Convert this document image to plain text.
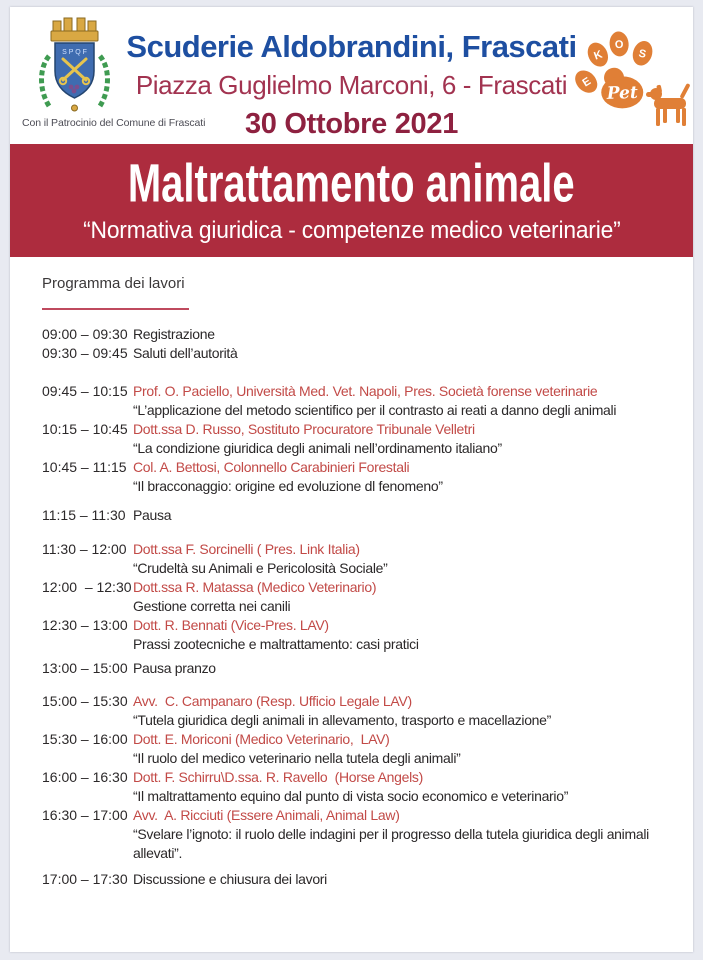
S P Q F
Con il Patrocinio del Comune di Frascati
Scuderie Aldobrandini, Frascati
Piazza Guglielmo Marconi, 6 - Frascati
30 Ottobre 2021
E
K
O
S
Pet
Maltrattamento animale
“Normativa giuridica - competenze medico veterinarie”
Programma dei lavori
09:00 – 09:30 Registrazione
09:30 – 09:45 Saluti dell’autorità
09:45 – 10:15 Prof. O. Paciello, Università Med. Vet. Napoli, Pres. Società forense veterinarie
“L’applicazione del metodo scientifico per il contrasto ai reati a danno degli animali
10:15 – 10:45 Dott.ssa D. Russo, Sostituto Procuratore Tribunale Velletri
“La condizione giuridica degli animali nell’ordinamento italiano”
10:45 – 11:15 Col. A. Bettosi, Colonnello Carabinieri Forestali
“Il bracconaggio: origine ed evoluzione dl fenomeno”
11:15 – 11:30 Pausa
11:30 – 12:00 Dott.ssa F. Sorcinelli ( Pres. Link Italia)
“Crudeltà su Animali e Pericolosità Sociale”
12:00  – 12:30 Dott.ssa R. Matassa (Medico Veterinario)
Gestione corretta nei canili
12:30 – 13:00 Dott. R. Bennati (Vice-Pres. LAV)
Prassi zootecniche e maltrattamento: casi pratici
13:00 – 15:00 Pausa pranzo
15:00 – 15:30 Avv.  C. Campanaro (Resp. Ufficio Legale LAV)
“Tutela giuridica degli animali in allevamento, trasporto e macellazione”
15:30 – 16:00 Dott. E. Moriconi (Medico Veterinario,  LAV)
“Il ruolo del medico veterinario nella tutela degli animali”
16:00 – 16:30 Dott. F. Schirru\D.ssa. R. Ravello  (Horse Angels)
“Il maltrattamento equino dal punto di vista socio economico e veterinario”
16:30 – 17:00 Avv.  A. Ricciuti (Essere Animali, Animal Law)
“Svelare l’ignoto: il ruolo delle indagini per il progresso della tutela giuridica degli animali allevati”.
17:00 – 17:30 Discussione e chiusura dei lavori
